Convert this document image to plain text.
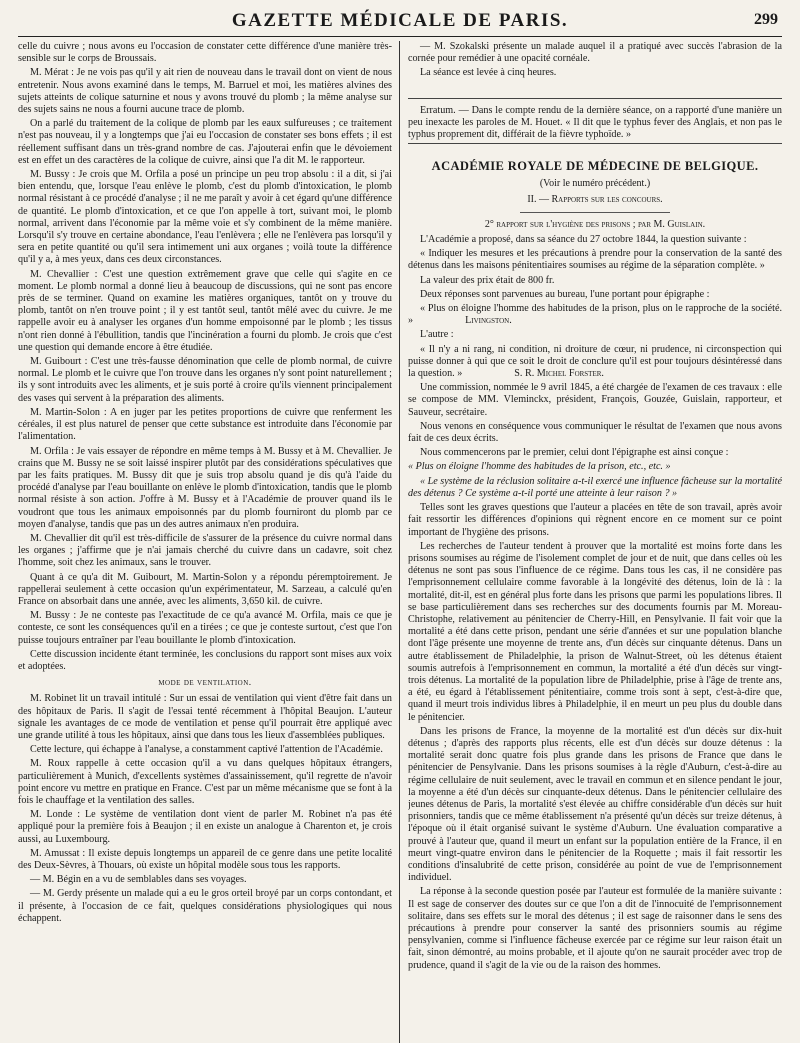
GAZETTE MÉDICALE DE PARIS.	299

celle du cuivre ; nous avons eu l'occasion de constater cette différence d'une manière très-sensible sur le corps de Broussais.

M. Mérat : Je ne vois pas qu'il y ait rien de nouveau dans le travail dont on vient de nous entretenir. Nous avons examiné dans le temps, M. Barruel et moi, les matières alvines des sujets atteints de colique saturnine et nous y avons trouvé du plomb ; la même analyse sur des sujets sains ne nous a fourni aucune trace de plomb.

On a parlé du traitement de la colique de plomb par les eaux sulfureuses ; ce traitement n'est pas nouveau, il y a longtemps que j'ai eu l'occasion de constater ses bons effets ; il est réellement suffisant dans un très-grand nombre de cas. J'ajouterai enfin que le dévoiement est en effet un des caractères de la colique de cuivre, ainsi que l'a dit M. le rapporteur.

M. Bussy : Je crois que M. Orfila a posé un principe un peu trop absolu : il a dit, si j'ai bien entendu, que, lorsque l'eau enlève le plomb, c'est du plomb d'intoxication, le plomb normal résistant à ce procédé d'analyse ; il ne me paraît y avoir à cet égard qu'une différence de quantité. Le plomb d'intoxication, et ce que l'on appelle à tort, suivant moi, le plomb normal, arrivent dans l'économie par la même voie et s'y combinent de la même manière. Lorsqu'il s'y trouve en certaine abondance, l'eau l'enlèvera ; elle ne l'enlèvera pas lorsqu'il y sera en petite quantité ou qu'il sera intimement uni aux organes ; voilà toute la différence qu'il y a, à mes yeux, dans ces deux circonstances.

M. Chevallier : C'est une question extrêmement grave que celle qui s'agite en ce moment. Le plomb normal a donné lieu à beaucoup de discussions, qui ne sont pas encore près de se terminer. Quand on examine les matières organiques, tantôt on y trouve du plomb, tantôt on n'en trouve point ; il y est tantôt seul, tantôt mêlé avec du cuivre. Je me rappelle avoir eu à analyser les organes d'un homme empoisonné par le plomb ; les tissus n'ont rien donné à l'ébullition, tandis que l'incinération a fourni du plomb. Je crois que c'est une question qui demande encore à être étudiée.

M. Guibourt : C'est une très-fausse dénomination que celle de plomb normal, de cuivre normal. Le plomb et le cuivre que l'on trouve dans les organes n'y sont point naturellement ; ils y sont introduits avec les aliments, et je suis porté à croire qu'ils viennent principalement des vases qui servent à la préparation des aliments.

M. Martin-Solon : A en juger par les petites proportions de cuivre que renferment les céréales, il est plus naturel de penser que cette substance est introduite dans l'économie par l'alimentation.

M. Orfila : Je vais essayer de répondre en même temps à M. Bussy et à M. Chevallier. Je crains que M. Bussy ne se soit laissé inspirer plutôt par des considérations spéculatives que par les faits pratiques. M. Bussy dit que je suis trop absolu quand je dis qu'à l'aide du procédé d'analyse par l'eau bouillante on enlève le plomb d'intoxication, tandis que le plomb normal résiste à son action. J'offre à M. Bussy et à l'Académie de prouver quand ils le voudront que tous les animaux empoisonnés par du plomb fourniront du plomb par ce moyen d'analyse, tandis que pas un des autres animaux n'en produira.

M. Chevallier dit qu'il est très-difficile de s'assurer de la présence du cuivre normal dans les organes ; j'affirme que je n'ai jamais cherché du cuivre dans un cadavre, soit chez l'homme, soit chez les animaux, sans le trouver.

Quant à ce qu'a dit M. Guibourt, M. Martin-Solon y a répondu péremptoirement. Je rappellerai seulement à cette occasion qu'un expérimentateur, M. Sarzeau, a calculé qu'en France on absorbait dans une année, avec les aliments, 3,650 kil. de cuivre.

M. Bussy : Je ne conteste pas l'exactitude de ce qu'a avancé M. Orfila, mais ce que je conteste, ce sont les conséquences qu'il en a tirées ; ce que je conteste surtout, c'est que l'on puisse toujours entraîner par l'eau bouillante le plomb d'intoxication.

Cette discussion incidente étant terminée, les conclusions du rapport sont mises aux voix et adoptées.

mode de ventilation.

M. Robinet lit un travail intitulé : Sur un essai de ventilation qui vient d'être fait dans un des hôpitaux de Paris. Il s'agit de l'essai tenté récemment à l'hôpital Beaujon. L'auteur signale les avantages de ce mode de ventilation et pense qu'il pourrait être appliqué avec une grande utilité à tous les hôpitaux, ainsi que dans tous les lieux d'assemblées publiques.

Cette lecture, qui échappe à l'analyse, a constamment captivé l'attention de l'Académie.

M. Roux rappelle à cette occasion qu'il a vu dans quelques hôpitaux étrangers, particulièrement à Munich, d'excellents systèmes d'assainissement, qu'il regrette de n'avoir point encore vu mettre en pratique en France. C'est par un même mécanisme que se font à la fois le chauffage et la ventilation des salles.

M. Londe : Le système de ventilation dont vient de parler M. Robinet n'a pas été appliqué pour la première fois à Beaujon ; il en existe un analogue à Charenton et, je crois aussi, au Luxembourg.

M. Amussat : Il existe depuis longtemps un appareil de ce genre dans une petite localité des Deux-Sèvres, à Thouars, où existe un hôpital modèle sous tous les rapports.

— M. Bégin en a vu de semblables dans ses voyages.

— M. Gerdy présente un malade qui a eu le gros orteil broyé par un corps contondant, et il présente, à l'occasion de ce fait, quelques considérations physiologiques qui nous échappent.

— M. Szokalski présente un malade auquel il a pratiqué avec succès l'abrasion de la cornée pour remédier à une opacité cornéale.

La séance est levée à cinq heures.

Erratum. — Dans le compte rendu de la dernière séance, on a rapporté d'une manière un peu inexacte les paroles de M. Houet. « Il dit que le typhus fever des Anglais, et non pas le typhus proprement dit, différait de la fièvre typhoïde. »

ACADÉMIE ROYALE DE MÉDECINE DE BELGIQUE.
(Voir le numéro précédent.)
II. — Rapports sur les concours.
2° rapport sur l'hygiène des prisons ; par M. Guislain.

L'Académie a proposé, dans sa séance du 27 octobre 1844, la question suivante :

« Indiquer les mesures et les précautions à prendre pour la conservation de la santé des détenus dans les maisons pénitentiaires soumises au régime de la séparation complète. »

La valeur des prix était de 800 fr.

Deux réponses sont parvenues au bureau, l'une portant pour épigraphe :

« Plus on éloigne l'homme des habitudes de la prison, plus on le rapproche de la société. »	Livingston.

L'autre :

« Il n'y a ni rang, ni condition, ni droiture de cœur, ni prudence, ni circonspection qui puisse donner à qui que ce soit le droit de conclure qu'il est pour toujours désintéressé dans la question. »	S. R. Michel Forster.

Une commission, nommée le 9 avril 1845, a été chargée de l'examen de ces travaux : elle se compose de MM. Vleminckx, président, François, Gouzée, Guislain, rapporteur, et Sauveur, secrétaire.

Nous venons en conséquence vous communiquer le résultat de l'examen que nous avons fait de ces deux écrits.

Nous commencerons par le premier, celui dont l'épigraphe est ainsi conçue :

« Plus on éloigne l'homme des habitudes de la prison, etc., etc. »

« Le système de la réclusion solitaire a-t-il exercé une influence fâcheuse sur la mortalité des détenus ? Ce système a-t-il porté une atteinte à leur raison ? »

Telles sont les graves questions que l'auteur a placées en tête de son travail, après avoir fait ressortir les différences d'opinions qui règnent encore en ce moment sur ce point important de l'hygiène des prisons.

Les recherches de l'auteur tendent à prouver que la mortalité est moins forte dans les prisons soumises au régime de l'isolement complet de jour et de nuit, que dans celles où les détenus ne sont pas sous l'influence de ce régime. Dans tous les cas, il ne considère pas l'emprisonnement cellulaire comme favorable à la longévité des détenus, loin de là : la mortalité, dit-il, est en général plus forte dans les prisons que parmi les populations libres. Il se base particulièrement dans ses recherches sur des documents fournis par M. Moreau-Christophe, relativement au pénitencier de Cherry-Hill, en Pensylvanie. Il fait voir que la mortalité a été dans cette prison, pendant une série d'années et sur une population blanche dont l'âge présente une moyenne de trente ans, d'un décès sur cinquante détenus. Dans un autre établissement de Philadelphie, la prison de Walnut-Street, où les détenus étaient soumis autrefois à l'emprisonnement en commun, la mortalité a été d'un décès sur vingt-trois détenus. La mortalité de la population libre de Philadelphie, prise à l'âge de trente ans, a été, eu égard à l'établissement pénitentiaire, comme trois sont à sept, c'est-à-dire que, quand il meurt trois individus libres à Philadelphie, il en meurt un peu plus du double dans le pénitencier.

Dans les prisons de France, la moyenne de la mortalité est d'un décès sur dix-huit détenus ; d'après des rapports plus récents, elle est d'un décès sur douze détenus : la mortalité serait donc quatre fois plus grande dans les prisons de France que dans le pénitencier de Pensylvanie. Dans les prisons soumises à la règle d'Auburn, c'est-à-dire au régime cellulaire de nuit seulement, avec le travail en commun et en silence pendant le jour, la moyenne a été d'un décès sur cinquante-deux détenus. Dans le pénitencier cellulaire des jeunes détenus de Paris, la mortalité s'est élevée au chiffre considérable d'un décès sur huit prisonniers, tandis que ce même établissement n'a présenté qu'un décès sur treize détenus, à l'époque où il était organisé suivant le système d'Auburn. Une évaluation comparative a prouvé à l'auteur que, quand il meurt un enfant sur la population entière de la France, il en meurt vingt-quatre environ dans le pénitencier de la Roquette ; mais il fait ressortir les conditions d'insalubrité de cette prison, considérée au point de vue de l'emprisonnement individuel.

La réponse à la seconde question posée par l'auteur est formulée de la manière suivante : Il est sage de conserver des doutes sur ce que l'on a dit de l'innocuité de l'emprisonnement solitaire, dans ses effets sur le moral des détenus ; il est sage de raisonner dans le sens des précautions à prendre pour conserver la santé des prisonniers soumis au régime pensylvanien, comme si l'influence fâcheuse exercée par ce régime sur leur raison était un fait, sinon démontré, au moins probable, et il ajoute qu'on ne saurait procéder avec trop de prudence, quand il s'agit de la vie ou de la raison des hommes.
